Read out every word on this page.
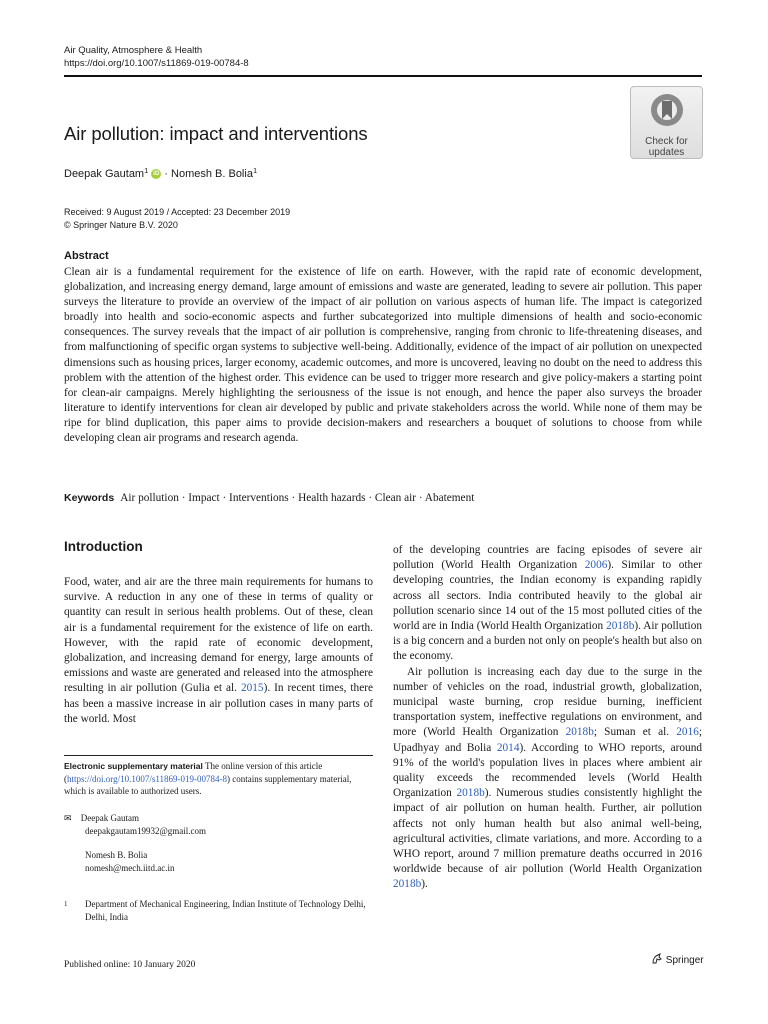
Air Quality, Atmosphere & Health
https://doi.org/10.1007/s11869-019-00784-8
Check for
updates
Air pollution: impact and interventions
Deepak Gautam$^1$ iD · Nomesh B. Bolia$^1$
Received: 9 August 2019 / Accepted: 23 December 2019
© Springer Nature B.V. 2020
Abstract
Clean air is a fundamental requirement for the existence of life on earth. However, with the rapid rate of economic development, globalization, and increasing energy demand, large amount of emissions and waste are generated, leading to severe air pollution. This paper surveys the literature to provide an overview of the impact of air pollution on various aspects of human life. The impact is categorized broadly into health and socio-economic aspects and further subcategorized into multiple dimensions of health and socio-economic consequences. The survey reveals that the impact of air pollution is comprehensive, ranging from chronic to life-threatening diseases, and from malfunctioning of specific organ systems to subjective well-being. Additionally, evidence of the impact of air pollution on unexpected dimensions such as housing prices, larger economy, academic outcomes, and more is uncovered, leaving no doubt on the need to address this problem with the attention of the highest order. This evidence can be used to trigger more research and give policy-makers a starting point for clean-air campaigns. Merely highlighting the seriousness of the issue is not enough, and hence the paper also surveys the broader literature to identify interventions for clean air developed by public and private stakeholders across the world. While none of them may be ripe for blind duplication, this paper aims to provide decision-makers and researchers a bouquet of solutions to choose from while developing clean air programs and research agenda.
Keywords Air pollution · Impact · Interventions · Health hazards · Clean air · Abatement
Introduction
Food, water, and air are the three main requirements for humans to survive. A reduction in any one of these in terms of quality or quantity can result in serious health problems. Out of these, clean air is a fundamental requirement for the existence of life on earth. However, with the rapid rate of economic development, globalization, and increasing demand for energy, large amounts of emissions and waste are generated and released into the atmosphere resulting in air pollution (Gulia et al. 2015). In recent times, there has been a massive increase in air pollution cases in many parts of the world. Most

of the developing countries are facing episodes of severe air pollution (World Health Organization 2006). Similar to other developing countries, the Indian economy is expanding rapidly across all sectors. India contributed heavily to the global air pollution scenario since 14 out of the 15 most polluted cities of the world are in India (World Health Organization 2018b). Air pollution is a big concern and a burden not only on people's health but also on the economy.

Air pollution is increasing each day due to the surge in the number of vehicles on the road, industrial growth, globalization, municipal waste burning, crop residue burning, inefficient transportation system, ineffective regulations on environment, and more (World Health Organization 2018b; Suman et al. 2016; Upadhyay and Bolia 2014). According to WHO reports, around 91% of the world's population lives in places where ambient air quality exceeds the recommended levels (World Health Organization 2018b). Numerous studies consistently highlight the impact of air pollution on human health. Further, air pollution affects not only human health but also animal well-being, agricultural activities, climate variations, and more. According to a WHO report, around 7 million premature deaths occurred in 2016 worldwide because of air pollution (World Health Organization 2018b).

Electronic supplementary material The online version of this article (https://doi.org/10.1007/s11869-019-00784-8) contains supplementary material, which is available to authorized users.
✉ Deepak Gautam
deepakgautam19932@gmail.com
Nomesh B. Bolia
nomesh@mech.iitd.ac.in
1	Department of Mechanical Engineering, Indian Institute of Technology Delhi, Delhi, India
Published online: 10 January 2020	Springer
